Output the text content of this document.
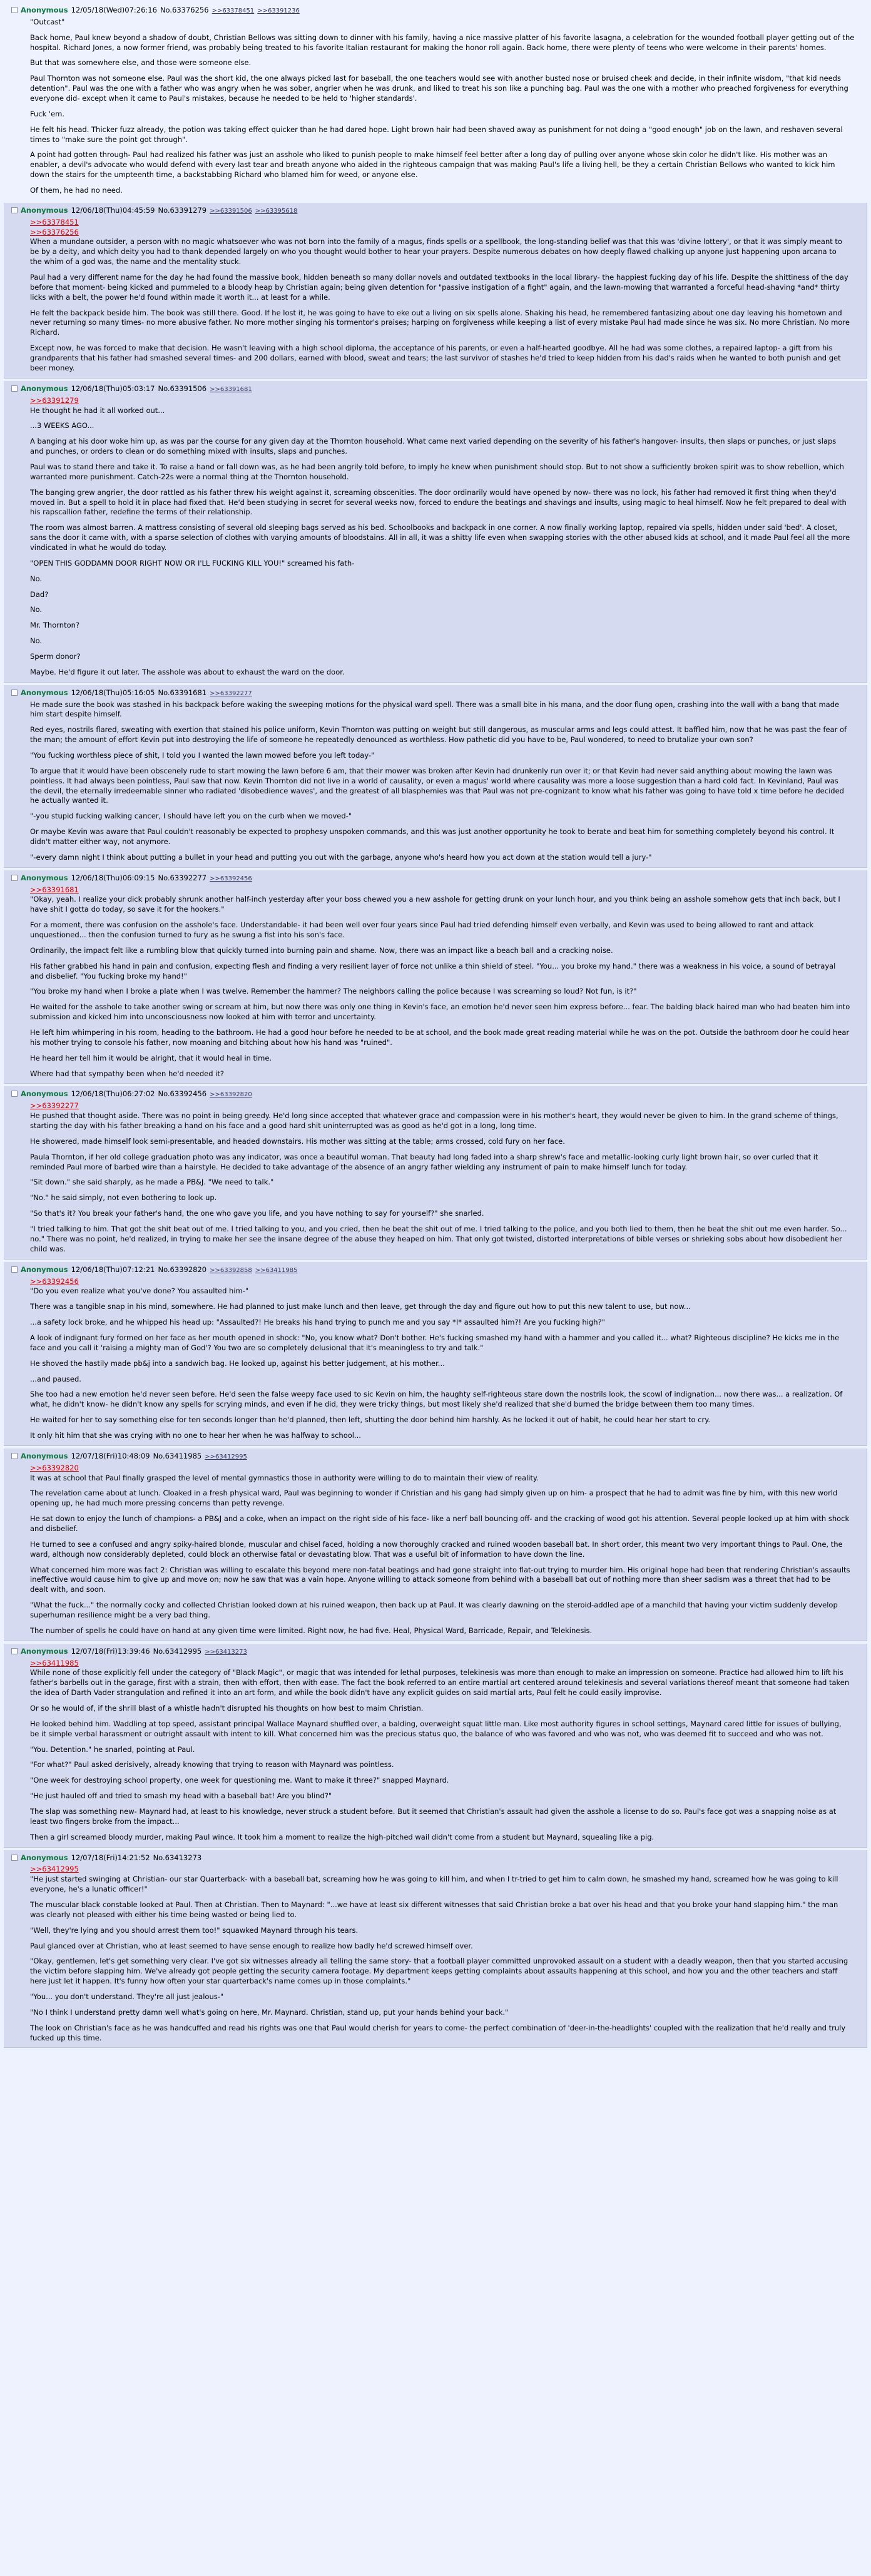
Anonymous 12/05/18(Wed)07:26:16 No.63376256 >>63378451 >>63391236

"Outcast"

Back home, Paul knew beyond a shadow of doubt, Christian Bellows was sitting down to dinner with his family, having a nice massive platter of his favorite lasagna, a celebration for the wounded football player getting out of the hospital. Richard Jones, a now former friend, was probably being treated to his favorite Italian restaurant for making the honor roll again. Back home, there were plenty of teens who were welcome in their parents' homes.

But that was somewhere else, and those were someone else.

Paul Thornton was not someone else. Paul was the short kid, the one always picked last for baseball, the one teachers would see with another busted nose or bruised cheek and decide, in their infinite wisdom, "that kid needs detention". Paul was the one with a father who was angry when he was sober, angrier when he was drunk, and liked to treat his son like a punching bag. Paul was the one with a mother who preached forgiveness for everything everyone did- except when it came to Paul's mistakes, because he needed to be held to 'higher standards'.

Fuck 'em.

He felt his head. Thicker fuzz already, the potion was taking effect quicker than he had dared hope. Light brown hair had been shaved away as punishment for not doing a "good enough" job on the lawn, and reshaven several times to "make sure the point got through".

A point had gotten through- Paul had realized his father was just an asshole who liked to punish people to make himself feel better after a long day of pulling over anyone whose skin color he didn't like. His mother was an enabler, a devil's advocate who would defend with every last tear and breath anyone who aided in the righteous campaign that was making Paul's life a living hell, be they a certain Christian Bellows who wanted to kick him down the stairs for the umpteenth time, a backstabbing Richard who blamed him for weed, or anyone else.

Of them, he had no need.

Anonymous 12/06/18(Thu)04:45:59 No.63391279 >>63391506 >>63395618
>>63378451
>>63376256

When a mundane outsider, a person with no magic whatsoever who was not born into the family of a magus, finds spells or a spellbook, the long-standing belief was that this was 'divine lottery', or that it was simply meant to be by a deity, and which deity you had to thank depended largely on who you thought would bother to hear your prayers. Despite numerous debates on how deeply flawed chalking up anyone just happening upon arcana to the whim of a god was, the name and the mentality stuck.

Paul had a very different name for the day he had found the massive book, hidden beneath so many dollar novels and outdated textbooks in the local library- the happiest fucking day of his life. Despite the shittiness of the day before that moment- being kicked and pummeled to a bloody heap by Christian again; being given detention for "passive instigation of a fight" again, and the lawn-mowing that warranted a forceful head-shaving *and* thirty licks with a belt, the power he'd found within made it worth it... at least for a while.

He felt the backpack beside him. The book was still there. Good. If he lost it, he was going to have to eke out a living on six spells alone. Shaking his head, he remembered fantasizing about one day leaving his hometown and never returning so many times- no more abusive father. No more mother singing his tormentor's praises; harping on forgiveness while keeping a list of every mistake Paul had made since he was six. No more Christian. No more Richard.

Except now, he was forced to make that decision. He wasn't leaving with a high school diploma, the acceptance of his parents, or even a half-hearted goodbye. All he had was some clothes, a repaired laptop- a gift from his grandparents that his father had smashed several times- and 200 dollars, earned with blood, sweat and tears; the last survivor of stashes he'd tried to keep hidden from his dad's raids when he wanted to both punish and get beer money.

Anonymous 12/06/18(Thu)05:03:17 No.63391506 >>63391681
>>63391279

He thought he had it all worked out...

...3 WEEKS AGO...

A banging at his door woke him up, as was par the course for any given day at the Thornton household. What came next varied depending on the severity of his father's hangover- insults, then slaps or punches, or just slaps and punches, or orders to clean or do something mixed with insults, slaps and punches.

Paul was to stand there and take it. To raise a hand or fall down was, as he had been angrily told before, to imply he knew when punishment should stop. But to not show a sufficiently broken spirit was to show rebellion, which warranted more punishment. Catch-22s were a normal thing at the Thornton household.

The banging grew angrier, the door rattled as his father threw his weight against it, screaming obscenities. The door ordinarily would have opened by now- there was no lock, his father had removed it first thing when they'd moved in. But a spell to hold it in place had fixed that. He'd been studying in secret for several weeks now, forced to endure the beatings and shavings and insults, using magic to heal himself. Now he felt prepared to deal with his rapscallion father, redefine the terms of their relationship.

The room was almost barren. A mattress consisting of several old sleeping bags served as his bed. Schoolbooks and backpack in one corner. A now finally working laptop, repaired via spells, hidden under said 'bed'. A closet, sans the door it came with, with a sparse selection of clothes with varying amounts of bloodstains. All in all, it was a shitty life even when swapping stories with the other abused kids at school, and it made Paul feel all the more vindicated in what he would do today.

"OPEN THIS GODDAMN DOOR RIGHT NOW OR I'LL FUCKING KILL YOU!" screamed his fath-

No.

Dad?

No.

Mr. Thornton?

No.

Sperm donor?

Maybe. He'd figure it out later. The asshole was about to exhaust the ward on the door.

Anonymous 12/06/18(Thu)05:16:05 No.63391681 >>63392277

He made sure the book was stashed in his backpack before waking the sweeping motions for the physical ward spell. There was a small bite in his mana, and the door flung open, crashing into the wall with a bang that made him start despite himself.

Red eyes, nostrils flared, sweating with exertion that stained his police uniform, Kevin Thornton was putting on weight but still dangerous, as muscular arms and legs could attest. It baffled him, now that he was past the fear of the man; the amount of effort Kevin put into destroying the life of someone he repeatedly denounced as worthless. How pathetic did you have to be, Paul wondered, to need to brutalize your own son?

"You fucking worthless piece of shit, I told you I wanted the lawn mowed before you left today-"

To argue that it would have been obscenely rude to start mowing the lawn before 6 am, that their mower was broken after Kevin had drunkenly run over it; or that Kevin had never said anything about mowing the lawn was pointless. It had always been pointless, Paul saw that now. Kevin Thornton did not live in a world of causality, or even a magus' world where causality was more a loose suggestion than a hard cold fact. In Kevinland, Paul was the devil, the eternally irredeemable sinner who radiated 'disobedience waves', and the greatest of all blasphemies was that Paul was not pre-cognizant to know what his father was going to have told x time before he decided he actually wanted it.

"-you stupid fucking walking cancer, I should have left you on the curb when we moved-"

Or maybe Kevin was aware that Paul couldn't reasonably be expected to prophesy unspoken commands, and this was just another opportunity he took to berate and beat him for something completely beyond his control. It didn't matter either way, not anymore.

"-every damn night I think about putting a bullet in your head and putting you out with the garbage, anyone who's heard how you act down at the station would tell a jury-"

Anonymous 12/06/18(Thu)06:09:15 No.63392277 >>63392456
>>63391681

"Okay, yeah. I realize your dick probably shrunk another half-inch yesterday after your boss chewed you a new asshole for getting drunk on your lunch hour, and you think being an asshole somehow gets that inch back, but I have shit I gotta do today, so save it for the hookers."

For a moment, there was confusion on the asshole's face. Understandable- it had been well over four years since Paul had tried defending himself even verbally, and Kevin was used to being allowed to rant and attack unquestioned... then the confusion turned to fury as he swung a fist into his son's face.

Ordinarily, the impact felt like a rumbling blow that quickly turned into burning pain and shame. Now, there was an impact like a beach ball and a cracking noise.

His father grabbed his hand in pain and confusion, expecting flesh and finding a very resilient layer of force not unlike a thin shield of steel. "You... you broke my hand." there was a weakness in his voice, a sound of betrayal and disbelief. "You fucking broke my hand!"

"You broke my hand when I broke a plate when I was twelve. Remember the hammer? The neighbors calling the police because I was screaming so loud? Not fun, is it?"

He waited for the asshole to take another swing or scream at him, but now there was only one thing in Kevin's face, an emotion he'd never seen him express before... fear. The balding black haired man who had beaten him into submission and kicked him into unconsciousness now looked at him with terror and uncertainty.

He left him whimpering in his room, heading to the bathroom. He had a good hour before he needed to be at school, and the book made great reading material while he was on the pot. Outside the bathroom door he could hear his mother trying to console his father, now moaning and bitching about how his hand was "ruined".

He heard her tell him it would be alright, that it would heal in time.

Where had that sympathy been when he'd needed it?

Anonymous 12/06/18(Thu)06:27:02 No.63392456 >>63392820
>>63392277

He pushed that thought aside. There was no point in being greedy. He'd long since accepted that whatever grace and compassion were in his mother's heart, they would never be given to him. In the grand scheme of things, starting the day with his father breaking a hand on his face and a good hard shit uninterrupted was as good as he'd got in a long, long time.

He showered, made himself look semi-presentable, and headed downstairs. His mother was sitting at the table; arms crossed, cold fury on her face.

Paula Thornton, if her old college graduation photo was any indicator, was once a beautiful woman. That beauty had long faded into a sharp shrew's face and metallic-looking curly light brown hair, so over curled that it reminded Paul more of barbed wire than a hairstyle. He decided to take advantage of the absence of an angry father wielding any instrument of pain to make himself lunch for today.

"Sit down." she said sharply, as he made a PB&J. "We need to talk."

"No." he said simply, not even bothering to look up.

"So that's it? You break your father's hand, the one who gave you life, and you have nothing to say for yourself?" she snarled.

"I tried talking to him. That got the shit beat out of me. I tried talking to you, and you cried, then he beat the shit out of me. I tried talking to the police, and you both lied to them, then he beat the shit out me even harder. So... no." There was no point, he'd realized, in trying to make her see the insane degree of the abuse they heaped on him. That only got twisted, distorted interpretations of bible verses or shrieking sobs about how disobedient her child was.

Anonymous 12/06/18(Thu)07:12:21 No.63392820 >>63392858 >>63411985
>>63392456

"Do you even realize what you've done? You assaulted him-"

There was a tangible snap in his mind, somewhere. He had planned to just make lunch and then leave, get through the day and figure out how to put this new talent to use, but now...

...a safety lock broke, and he whipped his head up: "Assaulted?! He breaks his hand trying to punch me and you say *I* assaulted him?! Are you fucking high?"

A look of indignant fury formed on her face as her mouth opened in shock: "No, you know what? Don't bother. He's fucking smashed my hand with a hammer and you called it... what? Righteous discipline? He kicks me in the face and you call it 'raising a mighty man of God'? You two are so completely delusional that it's meaningless to try and talk."

He shoved the hastily made pb&j into a sandwich bag. He looked up, against his better judgement, at his mother...

...and paused.

She too had a new emotion he'd never seen before. He'd seen the false weepy face used to sic Kevin on him, the haughty self-righteous stare down the nostrils look, the scowl of indignation... now there was... a realization. Of what, he didn't know- he didn't know any spells for scrying minds, and even if he did, they were tricky things, but most likely she'd realized that she'd burned the bridge between them too many times.

He waited for her to say something else for ten seconds longer than he'd planned, then left, shutting the door behind him harshly. As he locked it out of habit, he could hear her start to cry.

It only hit him that she was crying with no one to hear her when he was halfway to school...

Anonymous 12/07/18(Fri)10:48:09 No.63411985 >>63412995
>>63392820

It was at school that Paul finally grasped the level of mental gymnastics those in authority were willing to do to maintain their view of reality.

The revelation came about at lunch. Cloaked in a fresh physical ward, Paul was beginning to wonder if Christian and his gang had simply given up on him- a prospect that he had to admit was fine by him, with this new world opening up, he had much more pressing concerns than petty revenge.

He sat down to enjoy the lunch of champions- a PB&J and a coke, when an impact on the right side of his face- like a nerf ball bouncing off- and the cracking of wood got his attention. Several people looked up at him with shock and disbelief.

He turned to see a confused and angry spiky-haired blonde, muscular and chisel faced, holding a now thoroughly cracked and ruined wooden baseball bat. In short order, this meant two very important things to Paul. One, the ward, although now considerably depleted, could block an otherwise fatal or devastating blow. That was a useful bit of information to have down the line.

What concerned him more was fact 2: Christian was willing to escalate this beyond mere non-fatal beatings and had gone straight into flat-out trying to murder him. His original hope had been that rendering Christian's assaults ineffective would cause him to give up and move on; now he saw that was a vain hope. Anyone willing to attack someone from behind with a baseball bat out of nothing more than sheer sadism was a threat that had to be dealt with, and soon.

"What the fuck..." the normally cocky and collected Christian looked down at his ruined weapon, then back up at Paul. It was clearly dawning on the steroid-addled ape of a manchild that having your victim suddenly develop superhuman resilience might be a very bad thing.

The number of spells he could have on hand at any given time were limited. Right now, he had five. Heal, Physical Ward, Barricade, Repair, and Telekinesis.

Anonymous 12/07/18(Fri)13:39:46 No.63412995 >>63413273
>>63411985

While none of those explicitly fell under the category of "Black Magic", or magic that was intended for lethal purposes, telekinesis was more than enough to make an impression on someone. Practice had allowed him to lift his father's barbells out in the garage, first with a strain, then with effort, then with ease. The fact the book referred to an entire martial art centered around telekinesis and several variations thereof meant that someone had taken the idea of Darth Vader strangulation and refined it into an art form, and while the book didn't have any explicit guides on said martial arts, Paul felt he could easily improvise.

Or so he would of, if the shrill blast of a whistle hadn't disrupted his thoughts on how best to maim Christian.

He looked behind him. Waddling at top speed, assistant principal Wallace Maynard shuffled over, a balding, overweight squat little man. Like most authority figures in school settings, Maynard cared little for issues of bullying, be it simple verbal harassment or outright assault with intent to kill. What concerned him was the precious status quo, the balance of who was favored and who was not, who was deemed fit to succeed and who was not.

"You. Detention." he snarled, pointing at Paul.

"For what?" Paul asked derisively, already knowing that trying to reason with Maynard was pointless.

"One week for destroying school property, one week for questioning me. Want to make it three?" snapped Maynard.

"He just hauled off and tried to smash my head with a baseball bat! Are you blind?"

The slap was something new- Maynard had, at least to his knowledge, never struck a student before. But it seemed that Christian's assault had given the asshole a license to do so. Paul's face got was a snapping noise as at least two fingers broke from the impact...

Then a girl screamed bloody murder, making Paul wince. It took him a moment to realize the high-pitched wail didn't come from a student but Maynard, squealing like a pig.

Anonymous 12/07/18(Fri)14:21:52 No.63413273
>>63412995

"He just started swinging at Christian- our star Quarterback- with a baseball bat, screaming how he was going to kill him, and when I tr-tried to get him to calm down, he smashed my hand, screamed how he was going to kill everyone, he's a lunatic officer!"

The muscular black constable looked at Paul. Then at Christian. Then to Maynard: "...we have at least six different witnesses that said Christian broke a bat over his head and that you broke your hand slapping him." the man was clearly not pleased with either his time being wasted or being lied to.

"Well, they're lying and you should arrest them too!" squawked Maynard through his tears.

Paul glanced over at Christian, who at least seemed to have sense enough to realize how badly he'd screwed himself over.

"Okay, gentlemen, let's get something very clear. I've got six witnesses already all telling the same story- that a football player committed unprovoked assault on a student with a deadly weapon, then that you started accusing the victim before slapping him. We've already got people getting the security camera footage. My department keeps getting complaints about assaults happening at this school, and how you and the other teachers and staff here just let it happen. It's funny how often your star quarterback's name comes up in those complaints."

"You... you don't understand. They're all just jealous-"

"No I think I understand pretty damn well what's going on here, Mr. Maynard. Christian, stand up, put your hands behind your back."

The look on Christian's face as he was handcuffed and read his rights was one that Paul would cherish for years to come- the perfect combination of 'deer-in-the-headlights' coupled with the realization that he'd really and truly fucked up this time.
